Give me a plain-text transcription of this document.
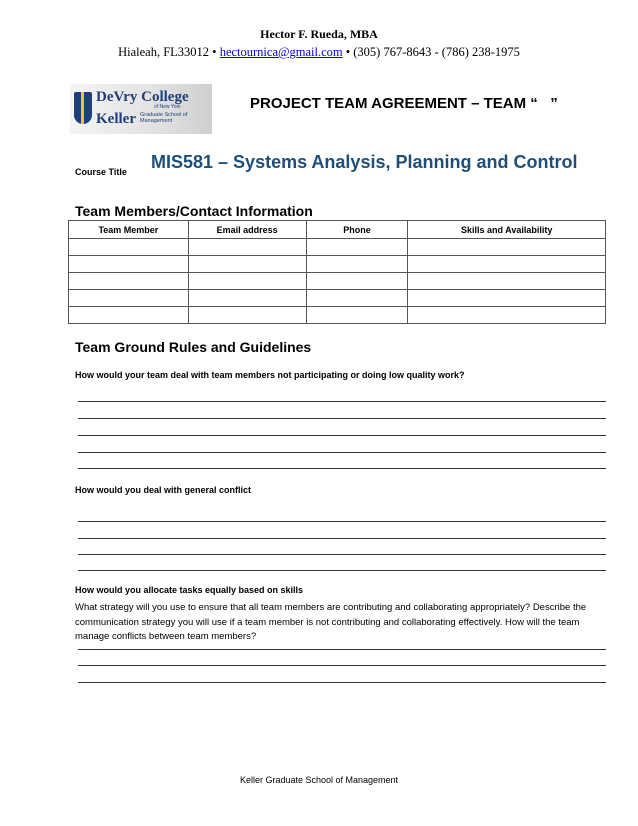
Hector F. Rueda, MBA
Hialeah, FL33012 • hectournica@gmail.com • (305) 767-8643 - (786) 238-1975
DeVry College
of New York
Keller Graduate School of Management
PROJECT TEAM AGREEMENT – TEAM “   ”
Course Title MIS581 – Systems Analysis, Planning and Control
Team Members/Contact Information
Team Member	Email address	Phone	Skills and Availability

Team Ground Rules and Guidelines
How would your team deal with team members not participating or doing low quality work?
How would you deal with general conflict
How would you allocate tasks equally based on skills
What strategy will you use to ensure that all team members are contributing and collaborating appropriately? Describe the communication strategy you will use if a team member is not contributing and collaborating effectively. How will the team manage conflicts between team members?
Keller Graduate School of Management
